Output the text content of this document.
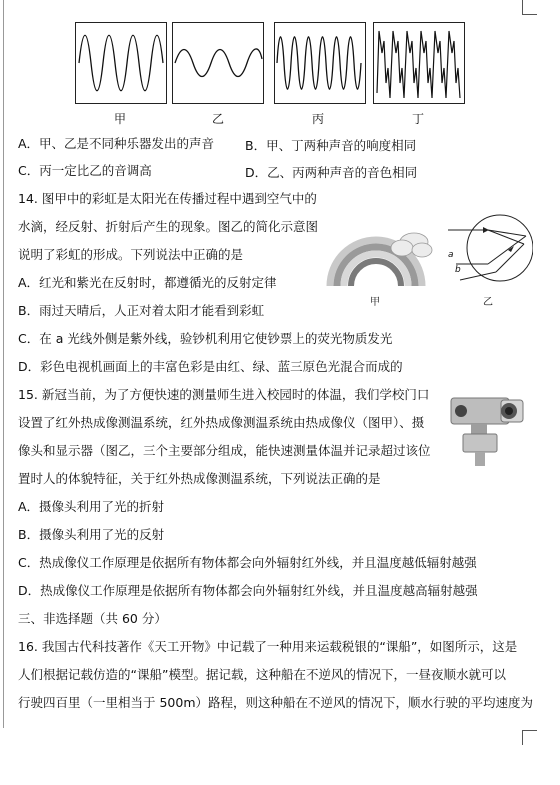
甲	乙	丙	丁
A．甲、乙是不同种乐器发出的声音 B．甲、丁两种声音的响度相同
C．丙一定比乙的音调高	D．乙、丙两种声音的音色相同
14. 图甲中的彩虹是太阳光在传播过程中遇到空气中的
水滴，经反射、折射后产生的现象。图乙的简化示意图
说明了彩虹的形成。下列说法中正确的是
甲
a
b
乙
A．红光和紫光在反射时，都遵循光的反射定律
B．雨过天晴后，人正对着太阳才能看到彩虹
C．在 a 光线外侧是紫外线，验钞机利用它使钞票上的荧光物质发光
D．彩色电视机画面上的丰富色彩是由红、绿、蓝三原色光混合而成的
15. 新冠当前，为了方便快速的测量师生进入校园时的体温，我们学校门口
设置了红外热成像测温系统，红外热成像测温系统由热成像仪（图甲）、摄
像头和显示器（图乙，三个主要部分组成，能快速测量体温并记录超过该位
置时人的体貌特征，关于红外热成像测温系统，下列说法正确的是
A．摄像头利用了光的折射
B．摄像头利用了光的反射
C．热成像仪工作原理是依据所有物体都会向外辐射红外线，并且温度越低辐射越强
D．热成像仪工作原理是依据所有物体都会向外辐射红外线，并且温度越高辐射越强
三、非选择题（共 60 分）
16. 我国古代科技著作《天工开物》中记载了一种用来运载税银的“课船”，如图所示，这是
人们根据记载仿造的“课船”模型。据记载，这种船在不逆风的情况下，一昼夜顺水就可以
行驶四百里（一里相当于 500m）路程，则这种船在不逆风的情况下，顺水行驶的平均速度为
